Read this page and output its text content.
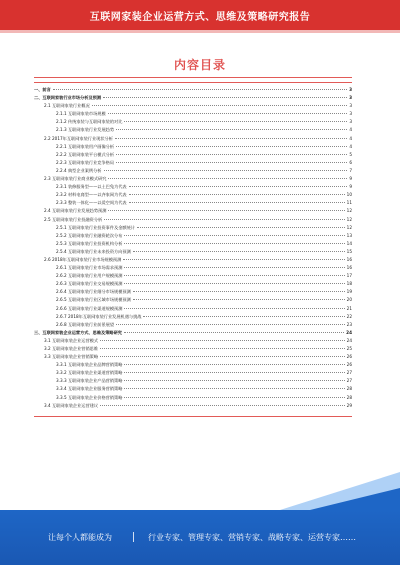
互联网家装企业运营方式、思维及策略研究报告
内容目录
一、前言	3
二、互联网家装行业市场分析及预测	3
2.1 互联网家装行业概况	3
2.1.1 互联网家装市场规模	3
2.1.2 传统家装与互联网家装的对比	3
2.1.3 互联网家装行业发展趋势	4
2.2 2017年互联网家装行业现状分析	4
2.2.1 互联网家装用户画像分析	4
2.2.2 互联网家装平台模式分析	5
2.2.3 互联网家装行业竞争格局	6
2.2.4 典型企业案例分析	7
2.3 互联网家装行业商业模式研究	9
2.3.1 装修服务型——以土巴兔为代表	9
2.3.2 材料电商型——以齐家网为代表	10
2.3.3 整装一体化——以爱空间为代表	11
2.4 互联网家装行业发展趋势预测	12
2.5 互联网家装行业投融资分析	12
2.5.1 互联网家装行业投资事件及金额统计	12
2.5.2 互联网家装行业融资轮次分布	13
2.5.3 互联网家装行业投资机构分析	14
2.5.4 互联网家装行业未来投资方向预测	15
2.6 2018年互联网家装行业市场规模预测	16
2.6.1 互联网家装行业市场需求预测	16
2.6.2 互联网家装行业用户规模预测	17
2.6.3 互联网家装行业交易规模预测	18
2.6.4 互联网家装行业细分市场规模预测	19
2.6.5 互联网家装行业区域市场规模预测	20
2.6.6 互联网家装行业渠道规模预测	21
2.6.7 2018年互联网家装行业发展机遇与挑战	22
2.6.8 互联网家装行业前景展望	23
三、互联网家装企业运营方式、思维及策略研究	24
3.1 互联网家装企业运营模式	24
3.2 互联网家装企业营销思维	25
3.3 互联网家装企业营销策略	26
3.3.1 互联网家装企业品牌营销策略	26
3.3.2 互联网家装企业渠道营销策略	27
3.3.3 互联网家装企业产品营销策略	27
3.3.4 互联网家装企业服务营销策略	28
3.3.5 互联网家装企业价格营销策略	28
3.4 互联网家装企业运营建议	29
让每个人都能成为	行业专家、管理专家、营销专家、战略专家、运营专家……
